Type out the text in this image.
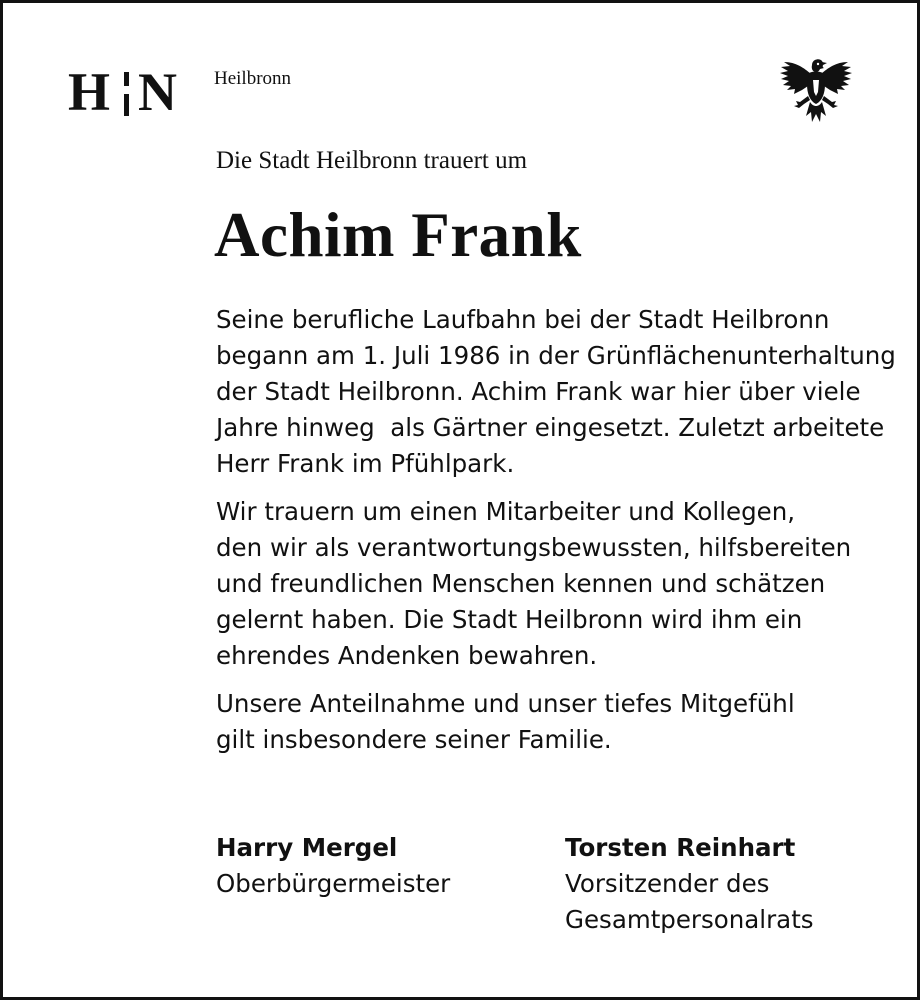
H N Heilbronn
Die Stadt Heilbronn trauert um
Achim Frank
Seine berufliche Laufbahn bei der Stadt Heilbronn
begann am 1. Juli 1986 in der Grünflächenunterhaltung
der Stadt Heilbronn. Achim Frank war hier über viele
Jahre hinweg  als Gärtner eingesetzt. Zuletzt arbeitete
Herr Frank im Pfühlpark.
Wir trauern um einen Mitarbeiter und Kollegen,
den wir als verantwortungsbewussten, hilfsbereiten
und freundlichen Menschen kennen und schätzen
gelernt haben. Die Stadt Heilbronn wird ihm ein
ehrendes Andenken bewahren.
Unsere Anteilnahme und unser tiefes Mitgefühl
gilt insbesondere seiner Familie.
Harry Mergel
Oberbürgermeister
Torsten Reinhart
Vorsitzender des
Gesamtpersonalrats
